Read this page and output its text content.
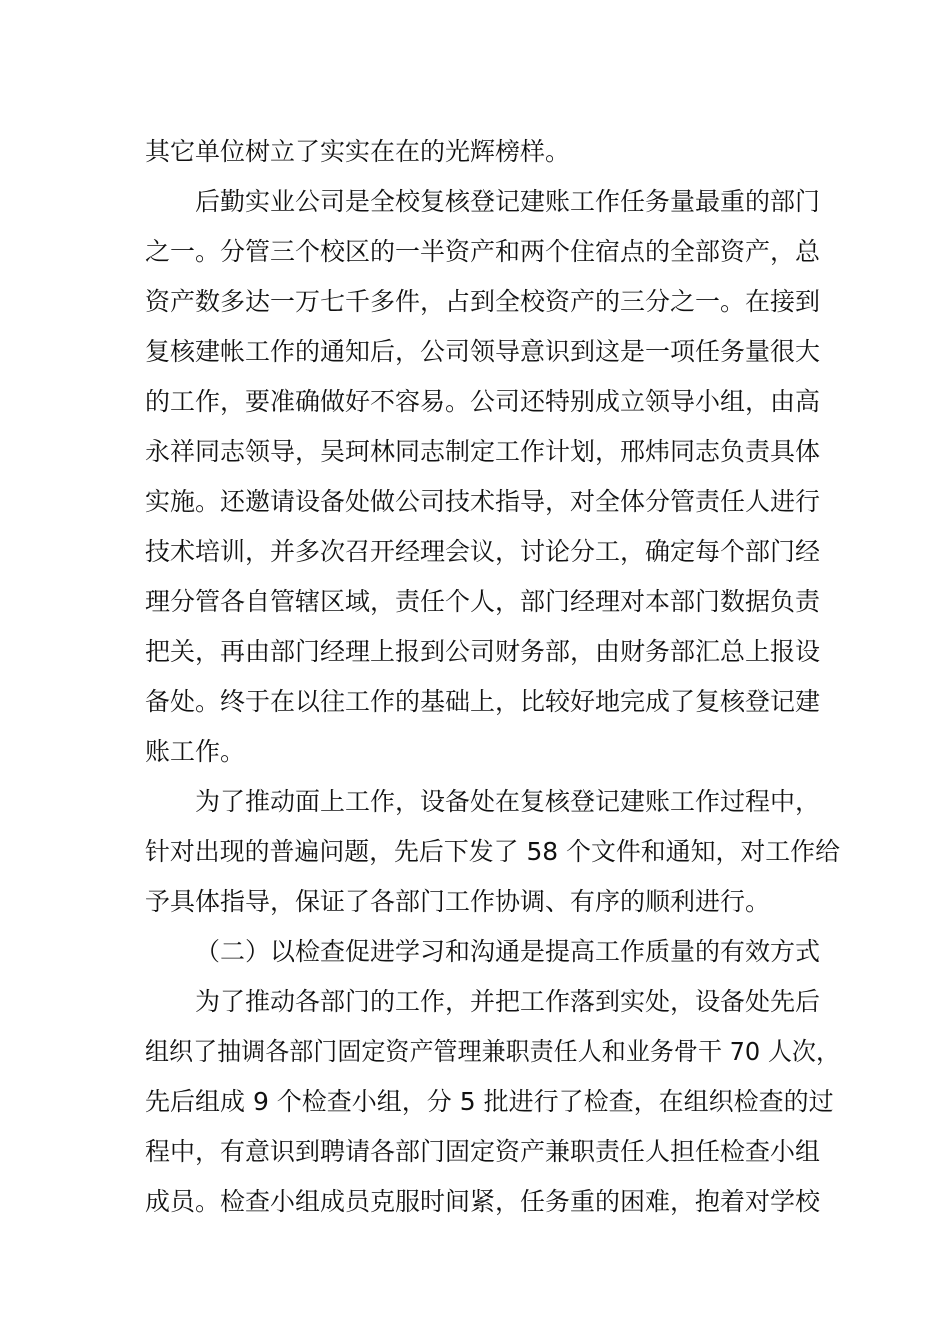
其它单位树立了实实在在的光辉榜样。
后勤实业公司是全校复核登记建账工作任务量最重的部门
之一。分管三个校区的一半资产和两个住宿点的全部资产，总
资产数多达一万七千多件，占到全校资产的三分之一。在接到
复核建帐工作的通知后，公司领导意识到这是一项任务量很大
的工作，要准确做好不容易。公司还特别成立领导小组，由高
永祥同志领导，吴珂林同志制定工作计划，邢炜同志负责具体
实施。还邀请设备处做公司技术指导，对全体分管责任人进行
技术培训，并多次召开经理会议，讨论分工，确定每个部门经
理分管各自管辖区域，责任个人，部门经理对本部门数据负责
把关，再由部门经理上报到公司财务部，由财务部汇总上报设
备处。终于在以往工作的基础上，比较好地完成了复核登记建
账工作。
为了推动面上工作，设备处在复核登记建账工作过程中，
针对出现的普遍问题，先后下发了 58 个文件和通知，对工作给
予具体指导，保证了各部门工作协调、有序的顺利进行。
（二）以检查促进学习和沟通是提高工作质量的有效方式
为了推动各部门的工作，并把工作落到实处，设备处先后
组织了抽调各部门固定资产管理兼职责任人和业务骨干 70 人次，
先后组成 9 个检查小组，分 5 批进行了检查，在组织检查的过
程中，有意识到聘请各部门固定资产兼职责任人担任检查小组
成员。检查小组成员克服时间紧，任务重的困难，抱着对学校
